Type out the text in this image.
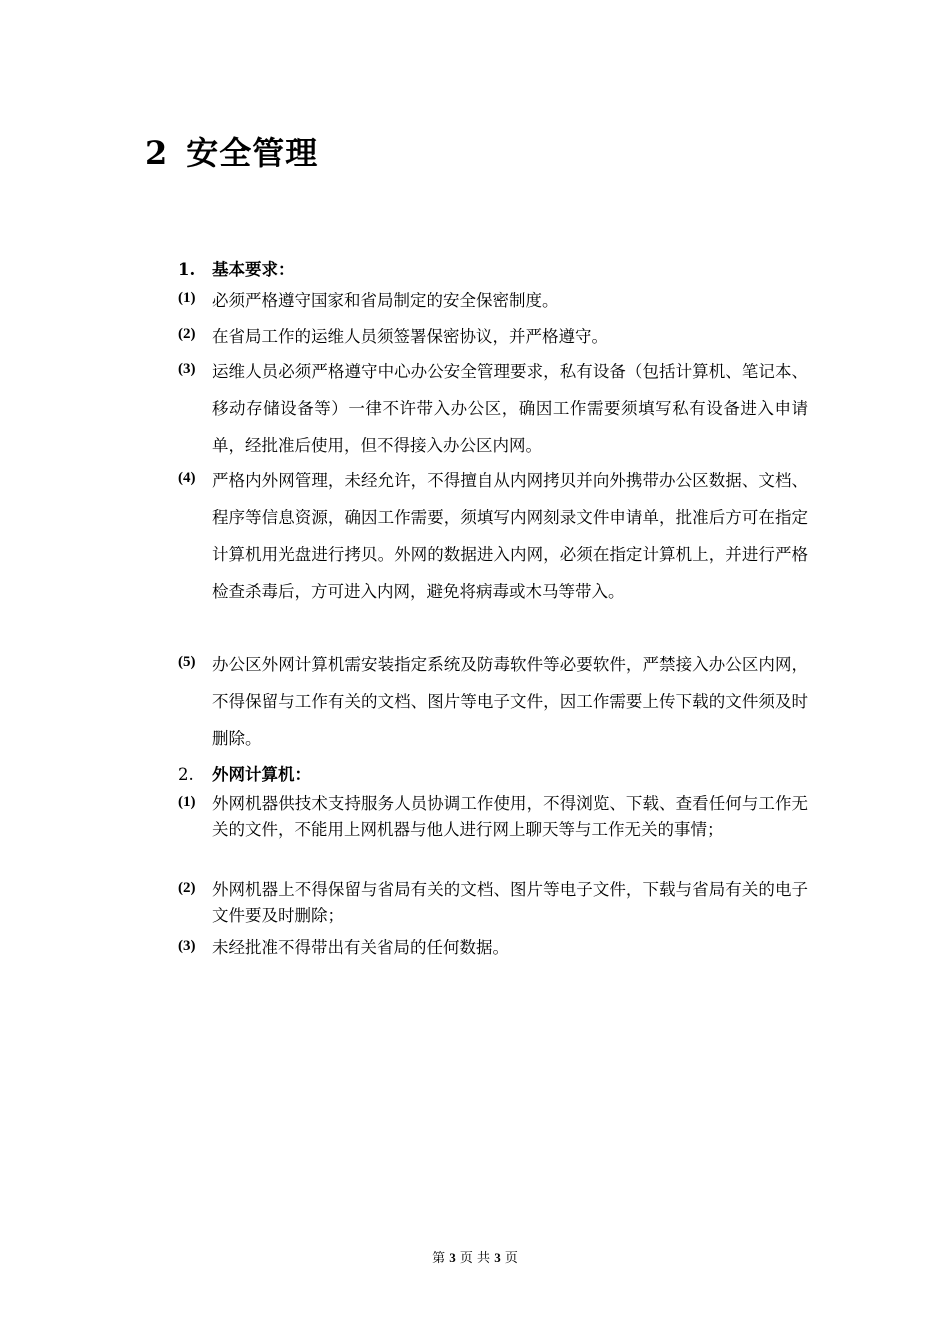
2 安全管理
1. 基本要求：
(1) 必须严格遵守国家和省局制定的安全保密制度。
(2) 在省局工作的运维人员须签署保密协议，并严格遵守。
(3) 运维人员必须严格遵守中心办公安全管理要求，私有设备（包括计算机、笔记本、移动存储设备等）一律不许带入办公区，确因工作需要须填写私有设备进入申请单，经批准后使用，但不得接入办公区内网。
(4) 严格内外网管理，未经允许，不得擅自从内网拷贝并向外携带办公区数据、文档、程序等信息资源，确因工作需要，须填写内网刻录文件申请单，批准后方可在指定计算机用光盘进行拷贝。外网的数据进入内网，必须在指定计算机上，并进行严格检查杀毒后，方可进入内网，避免将病毒或木马等带入。
(5) 办公区外网计算机需安装指定系统及防毒软件等必要软件，严禁接入办公区内网，不得保留与工作有关的文档、图片等电子文件，因工作需要上传下载的文件须及时删除。
2. 外网计算机：
(1) 外网机器供技术支持服务人员协调工作使用，不得浏览、下载、查看任何与工作无关的文件，不能用上网机器与他人进行网上聊天等与工作无关的事情；
(2) 外网机器上不得保留与省局有关的文档、图片等电子文件，下载与省局有关的电子文件要及时删除；
(3) 未经批准不得带出有关省局的任何数据。
第 3 页 共 3 页
